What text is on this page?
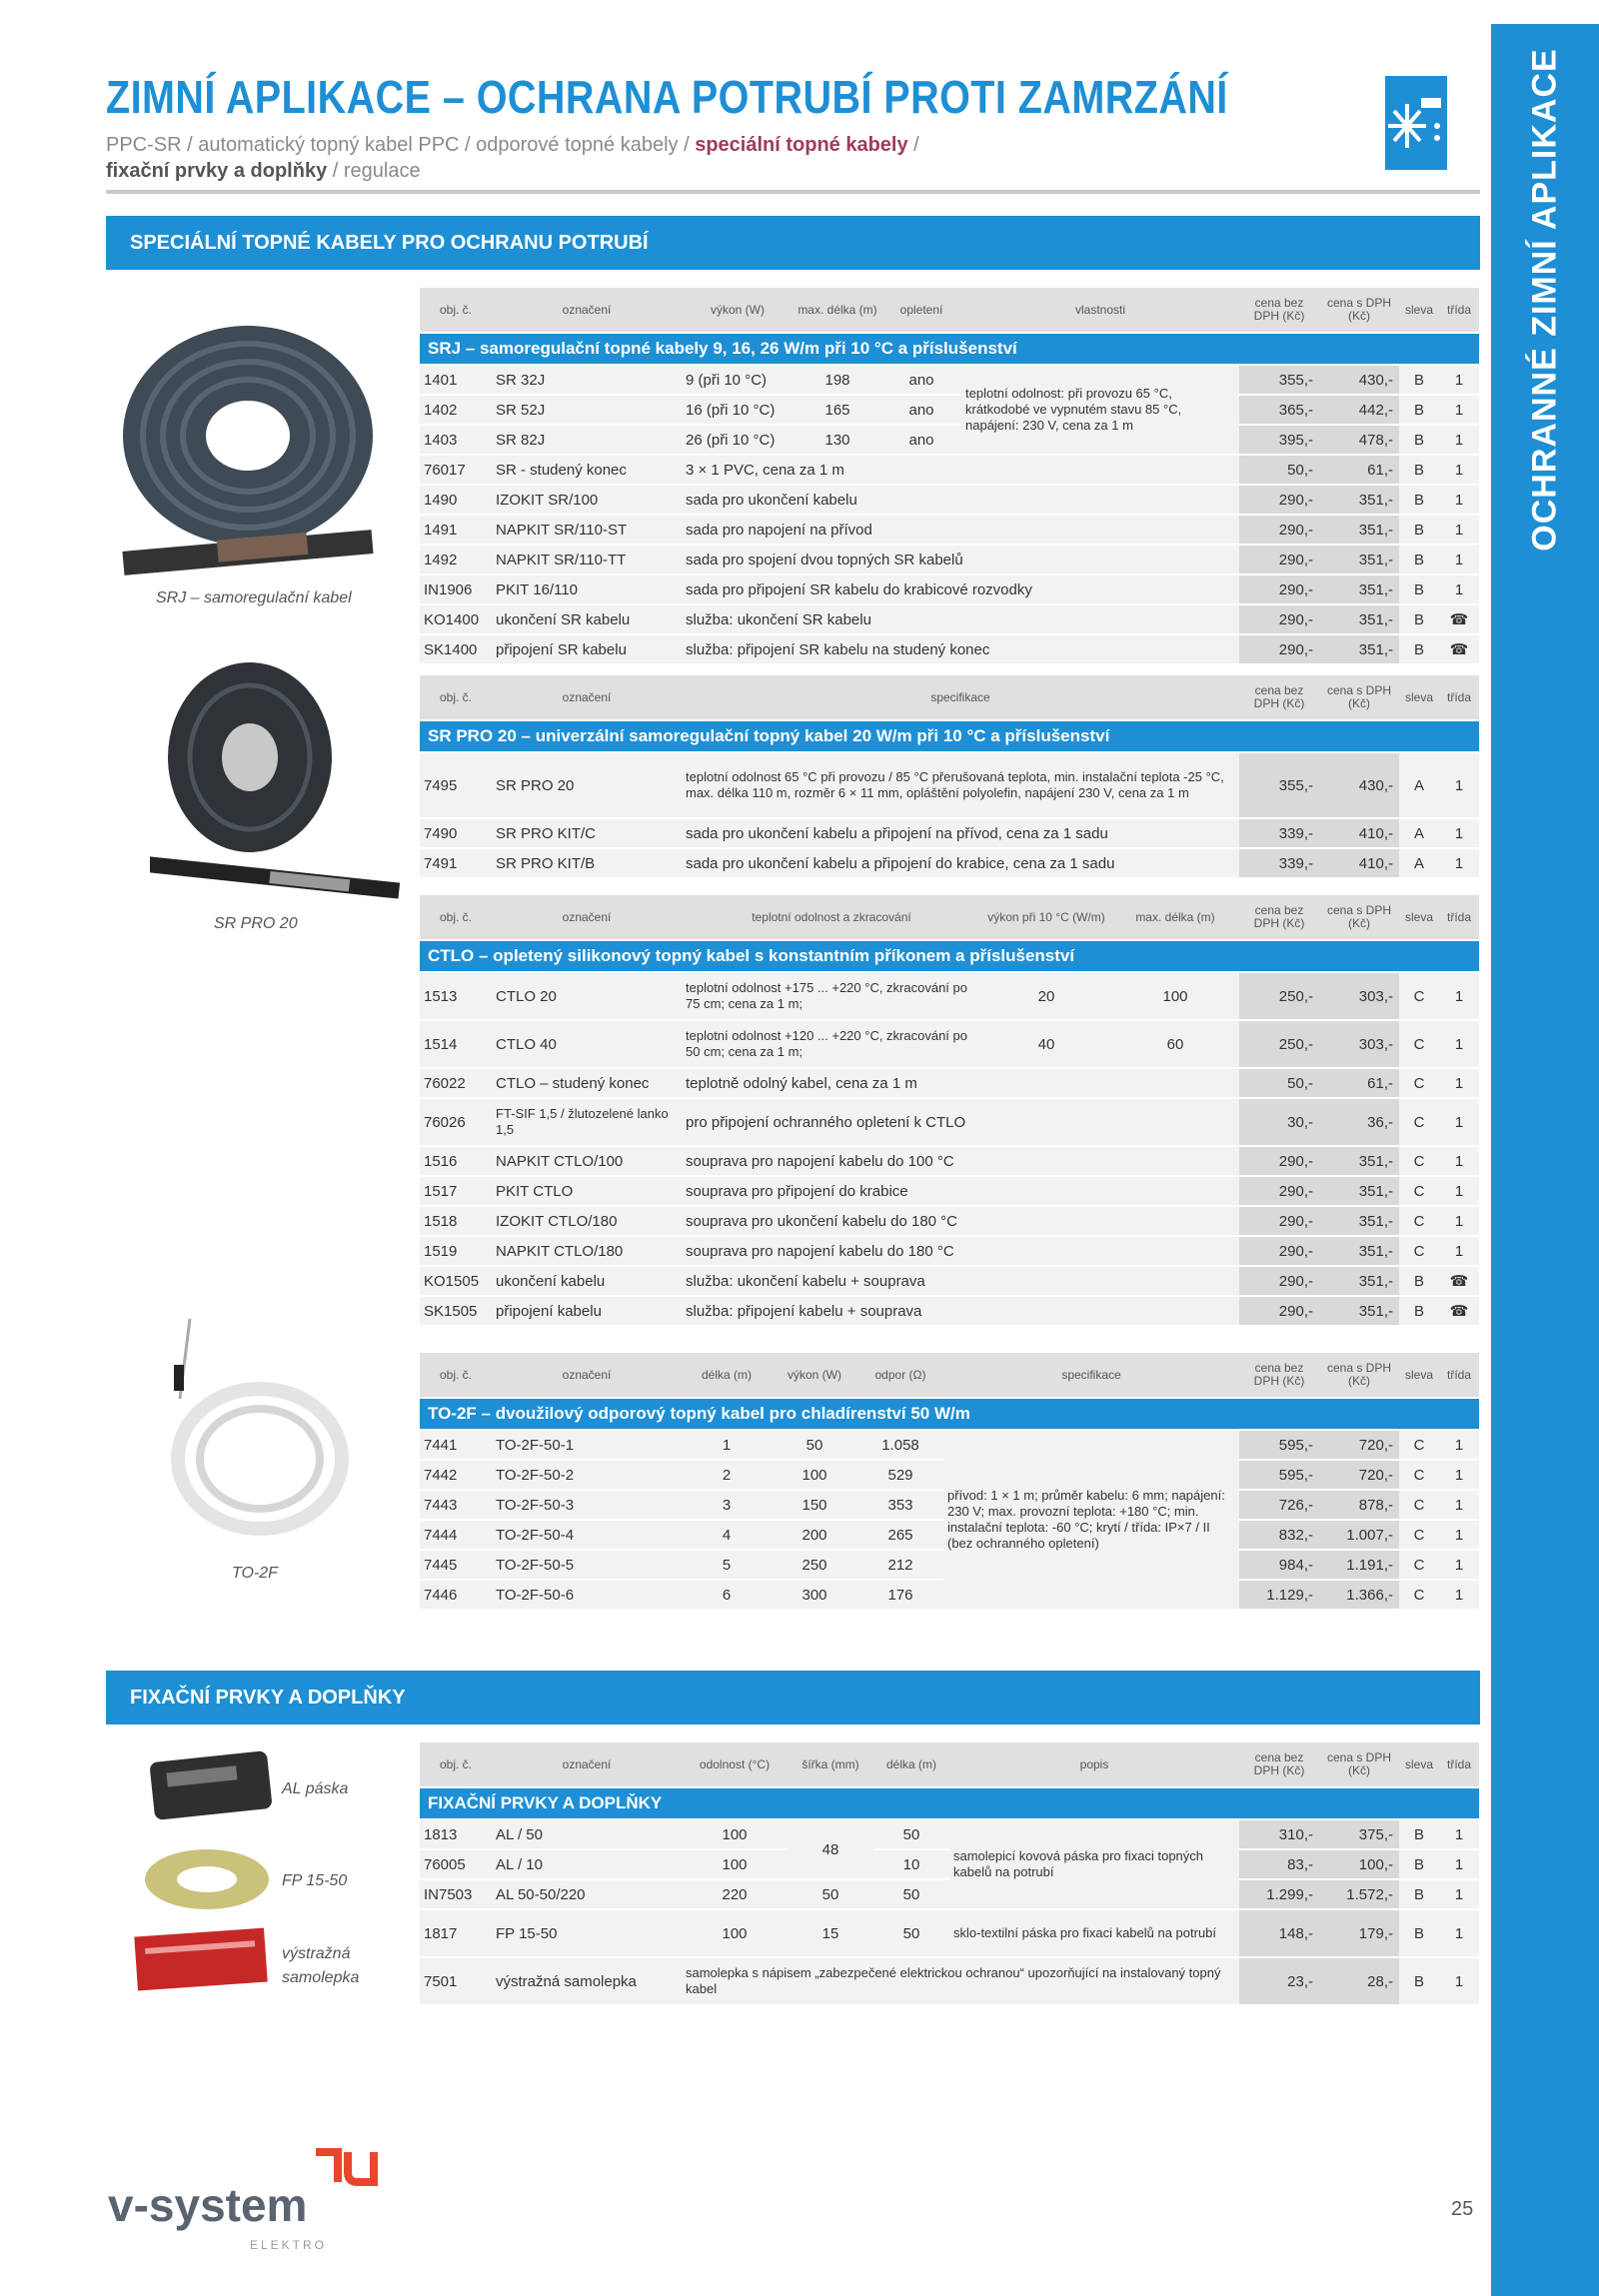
OCHRANNÉ ZIMNÍ APLIKACE
ZIMNÍ APLIKACE – OCHRANA POTRUBÍ PROTI ZAMRZÁNÍ
PPC-SR / automatický topný kabel PPC / odporové topné kabely / speciální topné kabely /
fixační prvky a doplňky / regulace
SPECIÁLNÍ TOPNÉ KABELY PRO OCHRANU POTRUBÍ
SRJ – samoregulační kabel
SR PRO 20
TO-2F
obj. č.	označení	výkon (W)	max. délka (m)	opletení	vlastnosti	cena bez DPH (Kč)	cena s DPH (Kč)	sleva	třída
SRJ – samoregulační topné kabely 9, 16, 26 W/m při 10 °C a příslušenství									
1401	SR 32J	9 (při 10 °C)	198	ano	teplotní odolnost: při provozu 65 °C, krátkodobé ve vypnutém stavu 85 °C, napájení: 230 V, cena za 1 m	355,-	430,-	B	1
1402	SR 52J	16 (při 10 °C)	165	ano		365,-	442,-	B	1
1403	SR 82J	26 (při 10 °C)	130	ano		395,-	478,-	B	1
76017	SR - studený konec	3 × 1 PVC, cena za 1 m				50,-	61,-	B	1
1490	IZOKIT SR/100	sada pro ukončení kabelu				290,-	351,-	B	1
1491	NAPKIT SR/110-ST	sada pro napojení na přívod				290,-	351,-	B	1
1492	NAPKIT SR/110-TT	sada pro spojení dvou topných SR kabelů				290,-	351,-	B	1
IN1906	PKIT 16/110	sada pro připojení SR kabelu do krabicové rozvodky				290,-	351,-	B	1
KO1400	ukončení SR kabelu	služba: ukončení SR kabelu				290,-	351,-	B	☎
SK1400	připojení SR kabelu	služba: připojení SR kabelu na studený konec				290,-	351,-	B	☎
obj. č.	označení	specifikace	cena bez DPH (Kč)	cena s DPH (Kč)	sleva	třída
SR PRO 20 – univerzální samoregulační topný kabel 20 W/m při 10 °C a příslušenství						
7495	SR PRO 20	teplotní odolnost 65 °C při provozu / 85 °C přerušovaná teplota, min. instalační teplota -25 °C, max. délka 110 m, rozměr 6 × 11 mm, opláštění polyolefin, napájení 230 V, cena za 1 m	355,-	430,-	A	1
7490	SR PRO KIT/C	sada pro ukončení kabelu a připojení na přívod, cena za 1 sadu	339,-	410,-	A	1
7491	SR PRO KIT/B	sada pro ukončení kabelu a připojení do krabice, cena za 1 sadu	339,-	410,-	A	1
obj. č.	označení	teplotní odolnost a zkracování	výkon při 10 °C (W/m)	max. délka (m)	cena bez DPH (Kč)	cena s DPH (Kč)	sleva	třída
CTLO – opletený silikonový topný kabel s konstantním příkonem a příslušenství								
1513	CTLO 20	teplotní odolnost +175 ... +220 °C, zkracování po 75 cm; cena za 1 m;	20	100	250,-	303,-	C	1
1514	CTLO 40	teplotní odolnost +120 ... +220 °C, zkracování po 50 cm; cena za 1 m;	40	60	250,-	303,-	C	1
76022	CTLO – studený konec	teplotně odolný kabel, cena za 1 m			50,-	61,-	C	1
76026	FT-SIF 1,5 / žlutozelené lanko 1,5	pro připojení ochranného opletení k CTLO			30,-	36,-	C	1
1516	NAPKIT CTLO/100	souprava pro napojení kabelu do 100 °C			290,-	351,-	C	1
1517	PKIT CTLO	souprava pro připojení do krabice			290,-	351,-	C	1
1518	IZOKIT CTLO/180	souprava pro ukončení kabelu do 180 °C			290,-	351,-	C	1
1519	NAPKIT CTLO/180	souprava pro napojení kabelu do 180 °C			290,-	351,-	C	1
KO1505	ukončení kabelu	služba: ukončení kabelu + souprava			290,-	351,-	B	☎
SK1505	připojení kabelu	služba: připojení kabelu + souprava			290,-	351,-	B	☎
obj. č.	označení	délka (m)	výkon (W)	odpor (Ω)	specifikace	cena bez DPH (Kč)	cena s DPH (Kč)	sleva	třída
TO-2F – dvoužilový odporový topný kabel pro chladírenství 50 W/m									
7441	TO-2F-50-1	1	50	1.058	přívod: 1 × 1 m; průměr kabelu: 6 mm; napájení: 230 V; max. provozní teplota: +180 °C; min. instalační teplota: -60 °C; krytí / třída: IP×7 / II (bez ochranného opletení)	595,-	720,-	C	1
7442	TO-2F-50-2	2	100	529		595,-	720,-	C	1
7443	TO-2F-50-3	3	150	353		726,-	878,-	C	1
7444	TO-2F-50-4	4	200	265		832,-	1.007,-	C	1
7445	TO-2F-50-5	5	250	212		984,-	1.191,-	C	1
7446	TO-2F-50-6	6	300	176		1.129,-	1.366,-	C	1
FIXAČNÍ PRVKY A DOPLŇKY
AL páska
FP 15-50
výstražná
samolepka
obj. č.	označení	odolnost (°C)	šířka (mm)	délka (m)	popis	cena bez DPH (Kč)	cena s DPH (Kč)	sleva	třída
FIXAČNÍ PRVKY A DOPLŇKY									
1813	AL / 50	100	48	50	samolepicí kovová páska pro fixaci topných kabelů na potrubí	310,-	375,-	B	1
76005	AL / 10	100		10		83,-	100,-	B	1
IN7503	AL 50-50/220	220	50	50		1.299,-	1.572,-	B	1
1817	FP 15-50	100	15	50	sklo-textilní páska pro fixaci kabelů na potrubí	148,-	179,-	B	1
7501	výstražná samolepka	samolepka s nápisem „zabezpečené elektrickou ochranou“ upozorňující na instalovaný topný kabel				23,-	28,-	B	1
v-system
ELEKTRO
25
